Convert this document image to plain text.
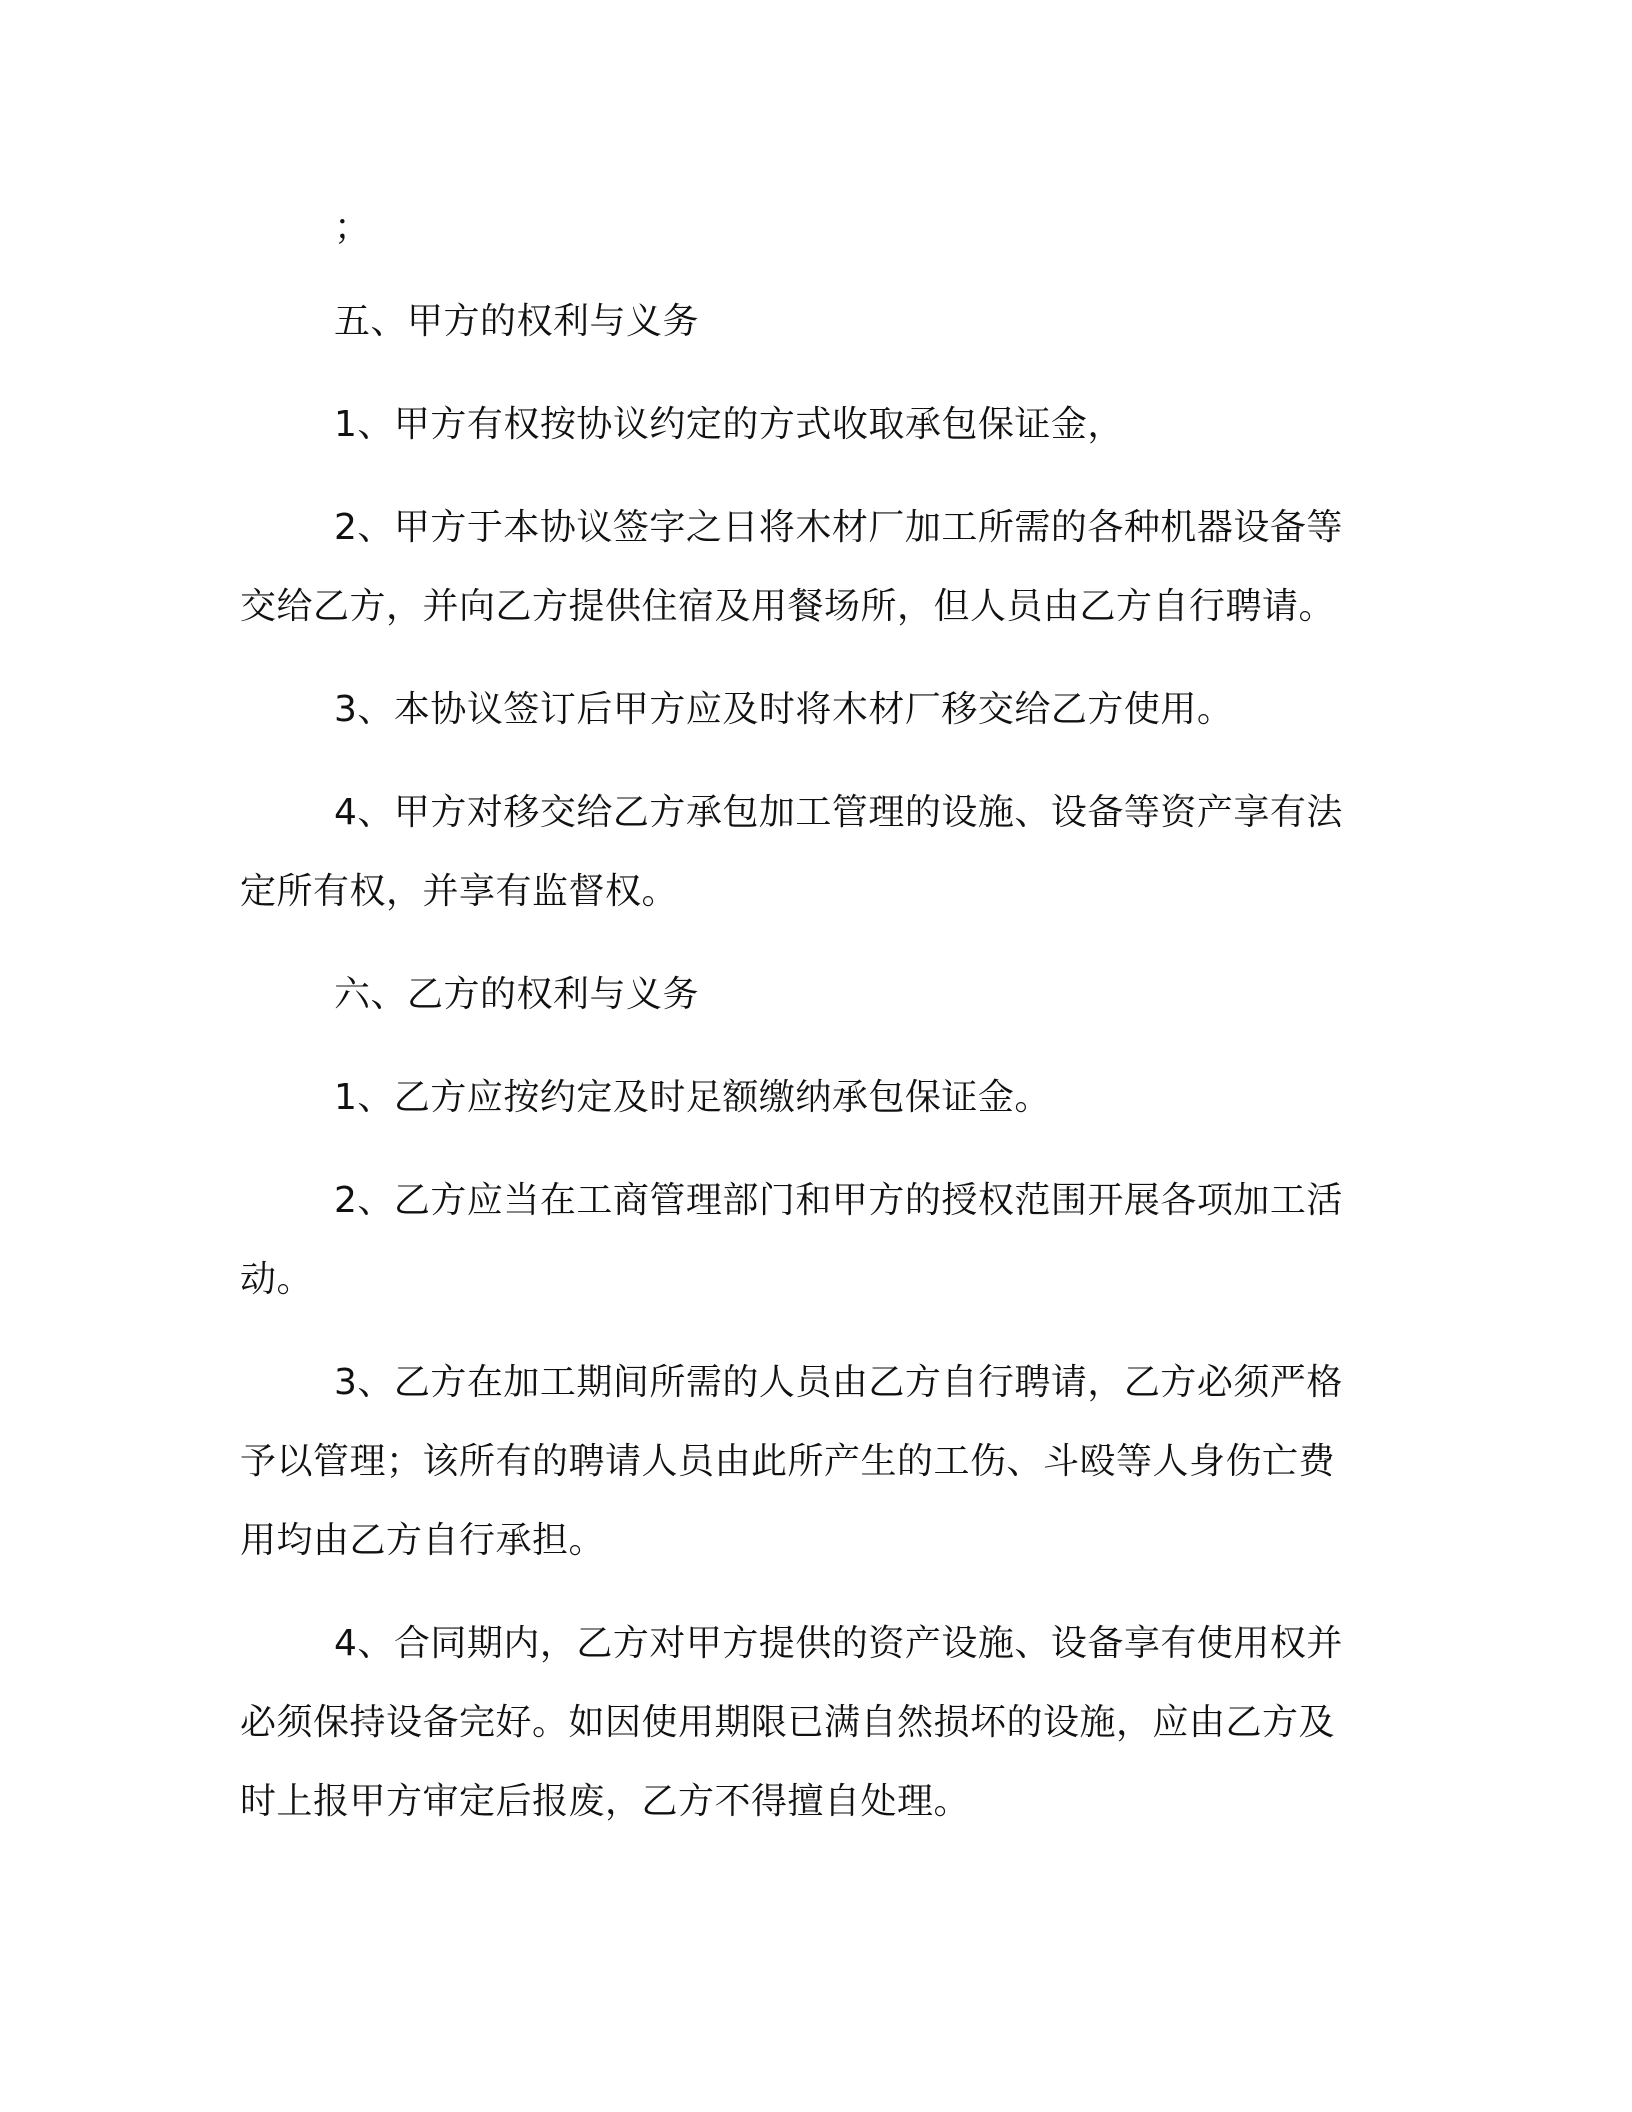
；

五、甲方的权利与义务

1、甲方有权按协议约定的方式收取承包保证金，

2、甲方于本协议签字之日将木材厂加工所需的各种机器设备等交给乙方，并向乙方提供住宿及用餐场所，但人员由乙方自行聘请。

3、本协议签订后甲方应及时将木材厂移交给乙方使用。

4、甲方对移交给乙方承包加工管理的设施、设备等资产享有法定所有权，并享有监督权。

六、乙方的权利与义务

1、乙方应按约定及时足额缴纳承包保证金。

2、乙方应当在工商管理部门和甲方的授权范围开展各项加工活动。

3、乙方在加工期间所需的人员由乙方自行聘请，乙方必须严格予以管理；该所有的聘请人员由此所产生的工伤、斗殴等人身伤亡费用均由乙方自行承担。

4、合同期内，乙方对甲方提供的资产设施、设备享有使用权并必须保持设备完好。如因使用期限已满自然损坏的设施，应由乙方及时上报甲方审定后报废，乙方不得擅自处理。
